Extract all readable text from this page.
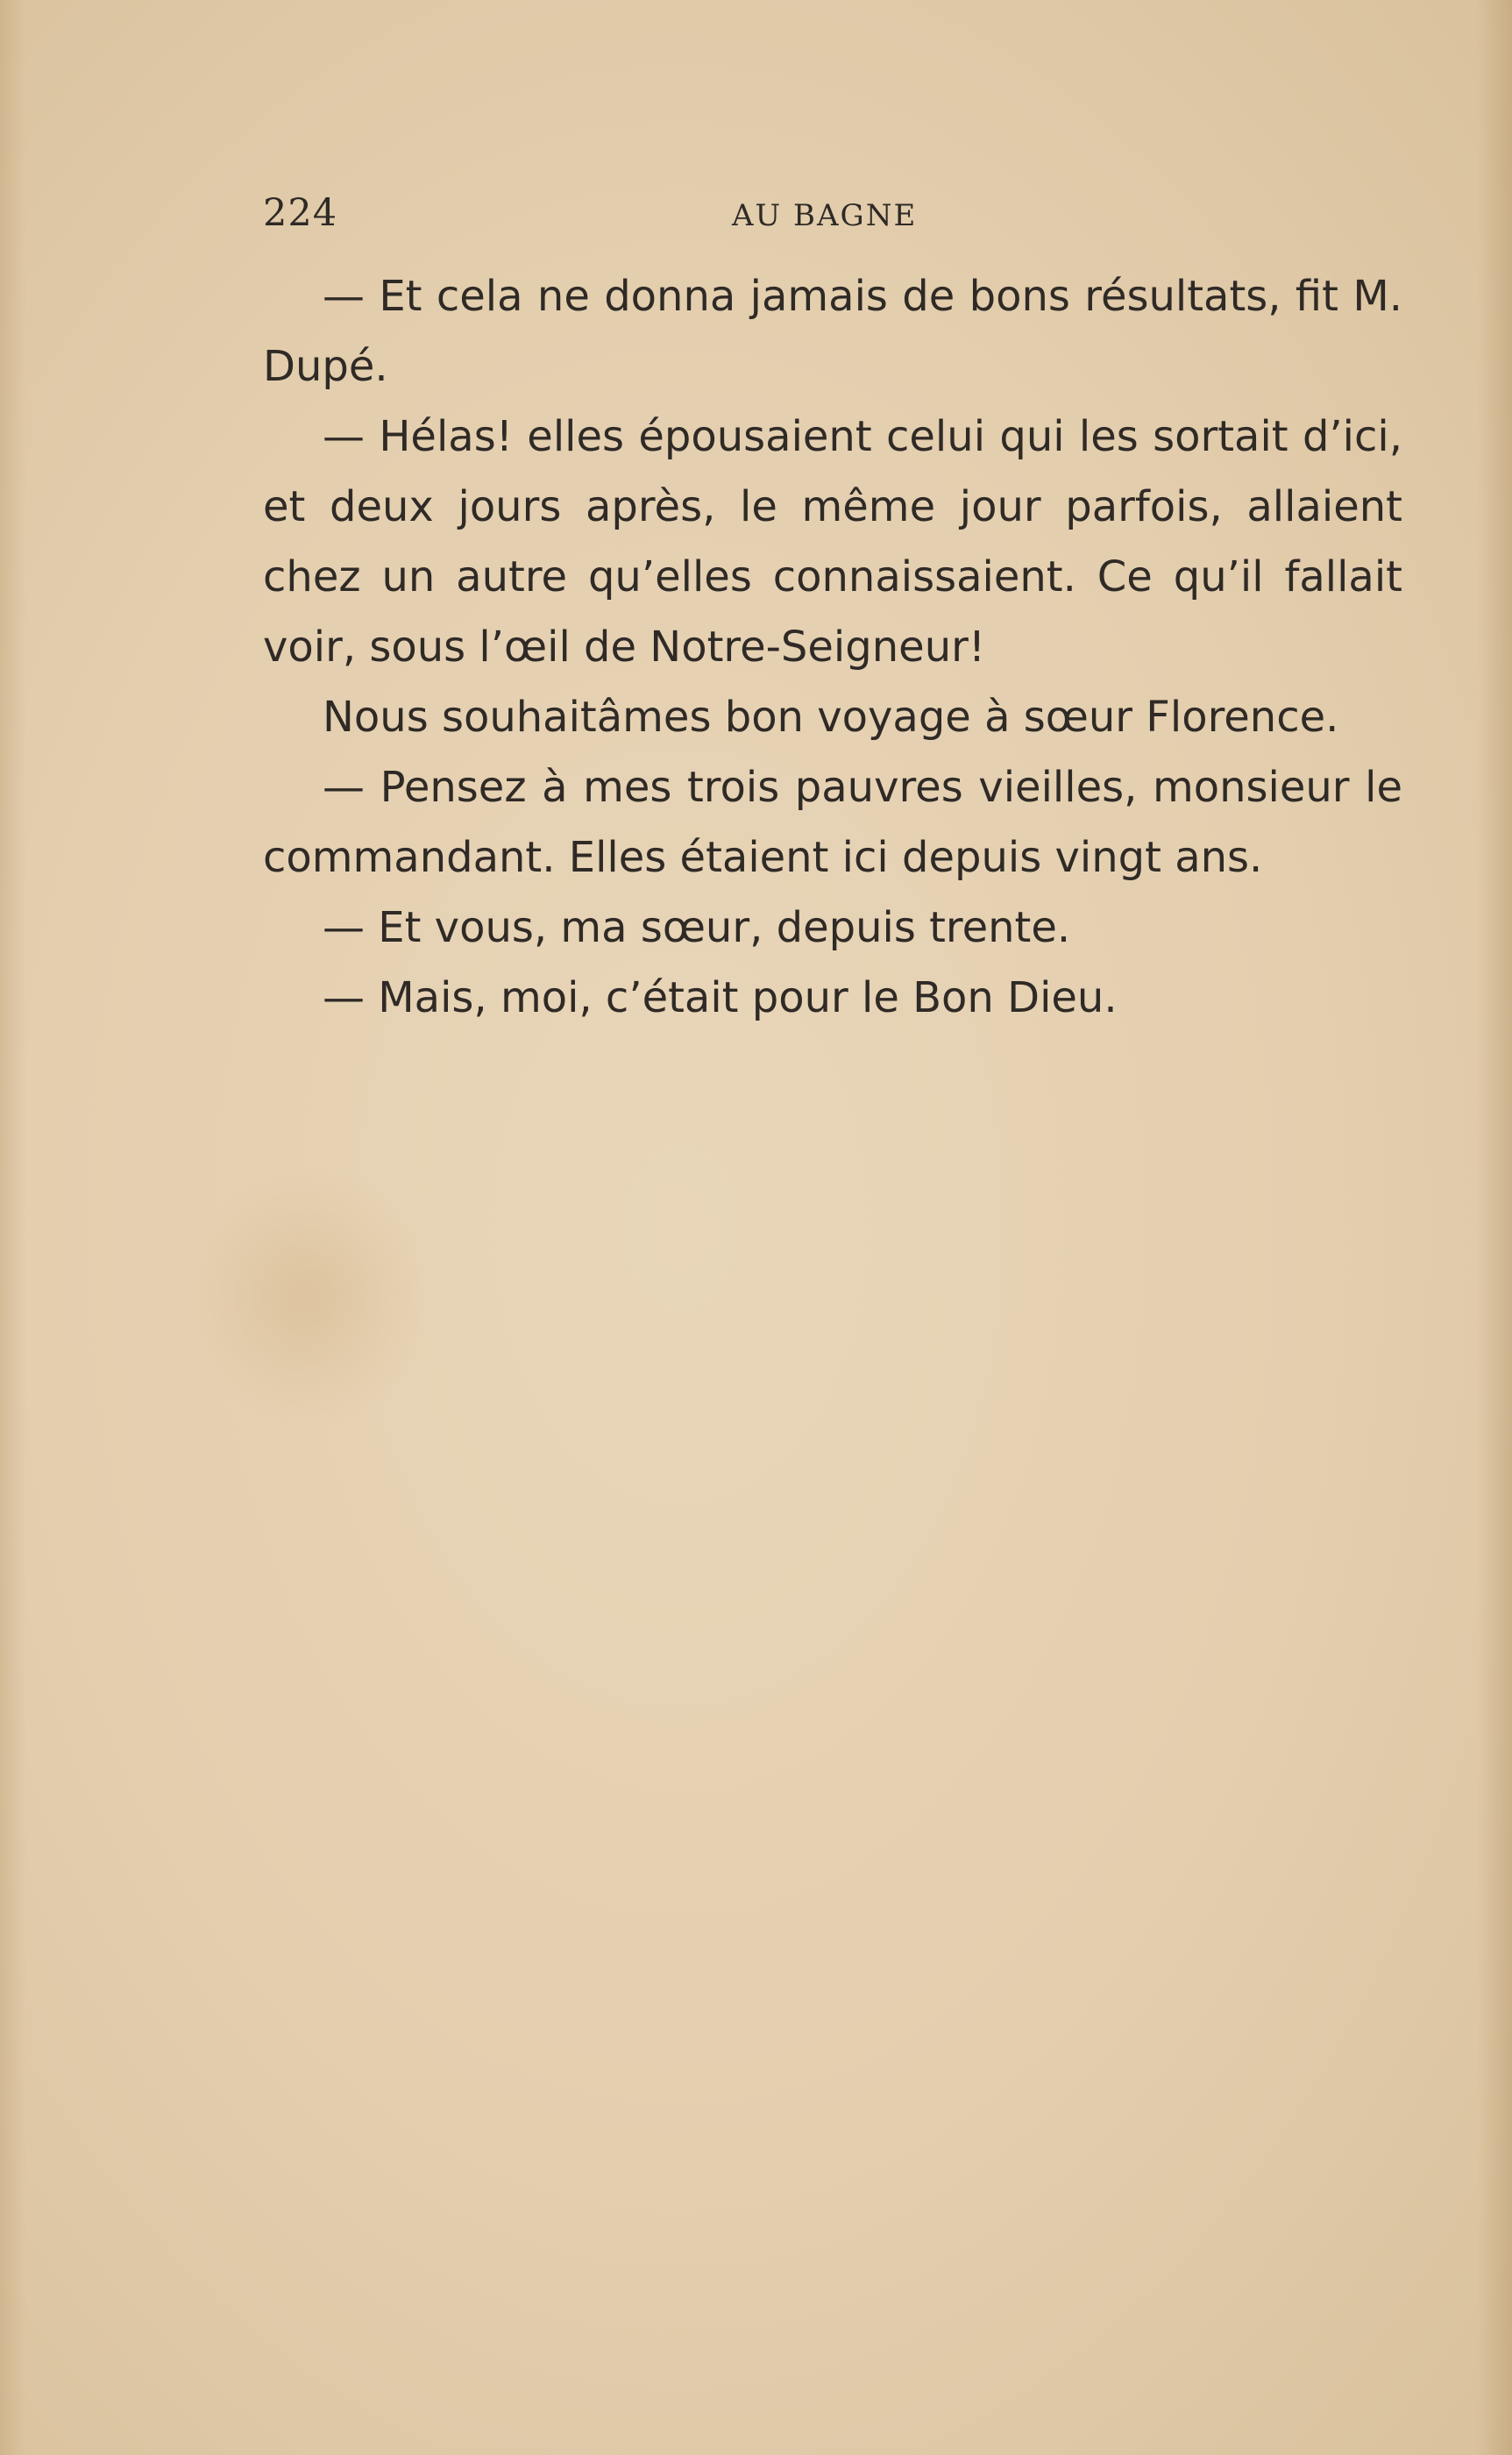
224	AU BAGNE

— Et cela ne donna jamais de bons résultats, fit M. Dupé.

— Hélas! elles épousaient celui qui les sortait d’ici, et deux jours après, le même jour parfois, allaient chez un autre qu’elles connaissaient. Ce qu’il fallait voir, sous l’œil de Notre-Seigneur!

Nous souhaitâmes bon voyage à sœur Florence.

— Pensez à mes trois pauvres vieilles, monsieur le commandant. Elles étaient ici depuis vingt ans.

— Et vous, ma sœur, depuis trente.

— Mais, moi, c’était pour le Bon Dieu.
